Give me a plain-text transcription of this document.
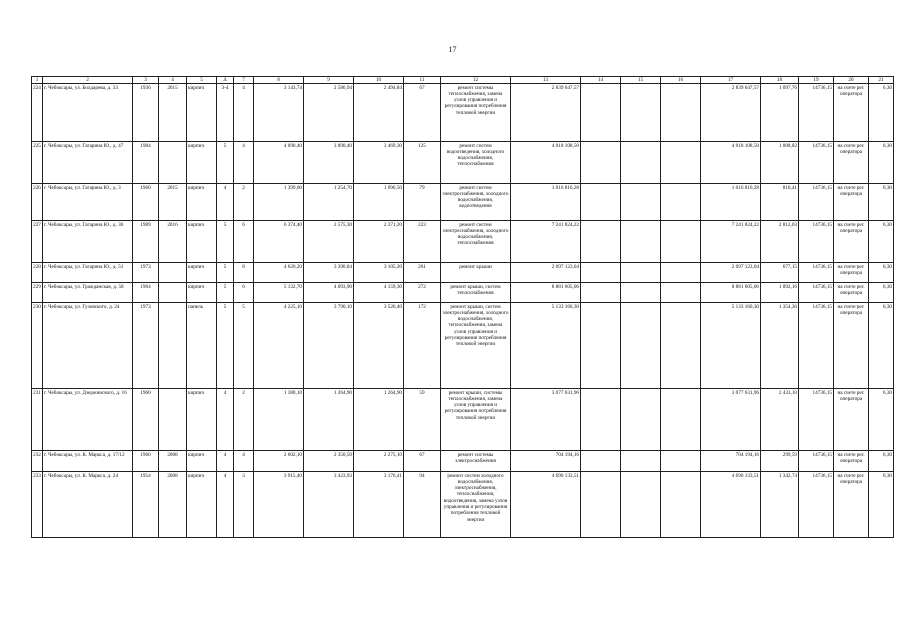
17
1	2	3	4	5	Δ	7	8	9	10	11	12	13	14	15	16	17	18	19	20	21
224	г. Чебоксары, ул. Болдарева, д. 33	1936	2015	кирпич	3-4	4	3 143,74	2 586,94	2 494,84	67	ремонт системы теплоснабжения, замена узлов управления и регулирования потребления тепловой энергии	2 839 647,57				2 839 647,57	1 097,76	14736,15	на счете рег. оператора	6,30
225	г. Чебоксары, ул. Гагарина Ю., д. 47	1984		кирпич	5	4	4 090,40	3 890,40	3 469,30	125	ремонт систем водоотведения, холодного водоснабжения, теплоснабжения	4 018 108,50				4 018 108,50	1 008,82	14736,15	на счете рег. оператора	6,30
226	г. Чебоксары, ул. Гагарина Ю., д. 3	1960	2015	кирпич	4	2	1 399,00	1 254,70	1 096,50	79	ремонт систем электроснабжения, холодного водоснабжения, водоотведения	1 016 816,28				1 016 816,28	810,41	14736,15	на счете рег. оператора	6,30
227	г. Чебоксары, ул. Гагарина Ю., д. 36	1989	2016	кирпич	5	6	6 374,40	2 575,30	2 371,20	223	ремонт систем электроснабжения, холодного водоснабжения, теплоснабжения	7 241 824,22				7 241 824,22	2 812,03	14736,15	на счете рег. оператора	6,30
228	г. Чебоксары, ул. Гагарина Ю., д. 51	1973		кирпич	5	8	4 620,20	3 390,84	3 105,20	201	ремонт крыши	2 097 123,04				2 097 123,04	677,15	14736,15	на счете рег. оператора	6,30
229	г. Чебоксары, ул. Гражданская, д. 58	1964		кирпич	5	6	5 132,70	4 093,90	4 159,30	272	ремонт крыши, систем теплоснабжения	8 881 605,06				8 881 605,06	1 892,16	14736,15	на счете рег. оператора	6,30
230	г. Чебоксары, ул. Гузовского, д. 24	1973		панель	5	5	4 225,10	3 790,10	3 526,40	172	ремонт крыши, систем электроснабжения, холодного водоснабжения, теплоснабжения, замена узлов управления и регулирования потребления тепловой энергии	5 133 160,30				5 133 160,30	1 354,36	14736,15	на счете рег. оператора	6,30
231	г. Чебоксары, ул. Дзержинского, д. 16	1960		кирпич	4	2	1 380,10	1 264,90	1 264,90	59	ремонт крыши, системы теплоснабжения, замена узлов управления и регулирования потребления тепловой энергии	3 077 631,96				3 077 631,96	2 433,10	14736,15	на счете рег. оператора	6,30
232	г. Чебоксары, ул. К. Маркса, д. 17/12	1960	2008	кирпич	4	4	2 602,10	2 350,50	2 275,10	67	ремонт системы электроснабжения	704 194,16				704 194,16	299,59	14736,15	на счете рег. оператора	6,30
233	г. Чебоксары, ул. К. Маркса, д. 24	1954	2008	кирпич	4	3	3 915,40	3 423,93	3 176,41	94	ремонт систем холодного водоснабжения, электроснабжения, теплоснабжения, водоотведения, замена узлов управления и регулирования потребления тепловой энергии	4 690 133,51				4 690 133,51	1 342,74	14736,15	на счете рег. оператора	6,30
